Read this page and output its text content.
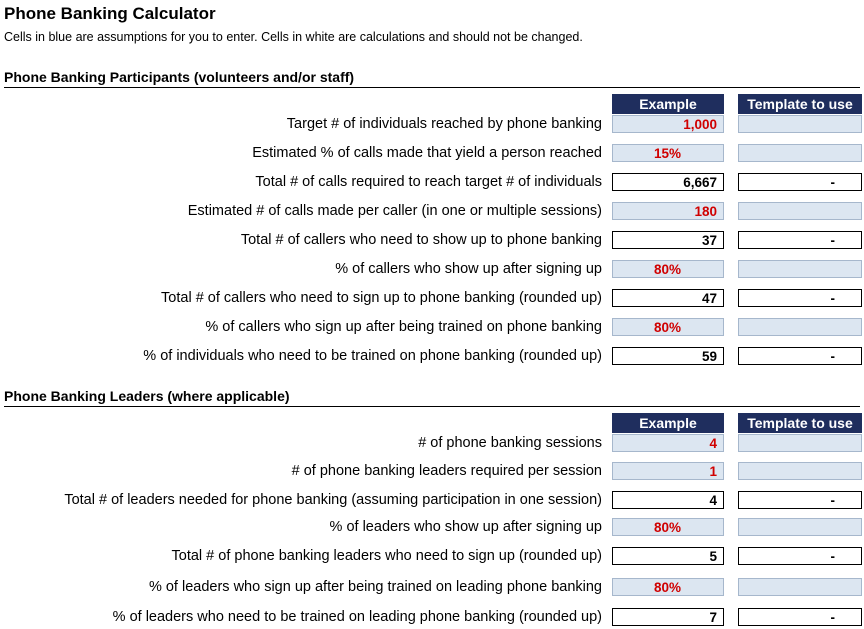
Phone Banking Calculator
Cells in blue are assumptions for you to enter. Cells in white are calculations and should not be changed.
Phone Banking Participants (volunteers and/or staff)
Example	Template to use
Target # of individuals reached by phone banking	1,000
Estimated % of calls made that yield a person reached	15%
Total # of calls required to reach target # of individuals	6,667	-
Estimated # of calls made per caller (in one or multiple sessions)	180
Total # of callers who need to show up to phone banking	37	-
% of callers who show up after signing up	80%
Total # of callers who need to sign up to phone banking (rounded up)	47	-
% of callers who sign up after being trained on phone banking	80%
% of individuals who need to be trained on phone banking (rounded up)	59	-
Phone Banking Leaders (where applicable)
Example	Template to use
# of phone banking sessions	4
# of phone banking leaders required per session	1
Total # of leaders needed for phone banking (assuming participation in one session)	4	-
% of leaders who show up after signing up	80%
Total # of phone banking leaders who need to sign up (rounded up)	5	-
% of leaders who sign up after being trained on leading phone banking	80%
% of leaders who need to be trained on leading phone banking (rounded up)	7	-
